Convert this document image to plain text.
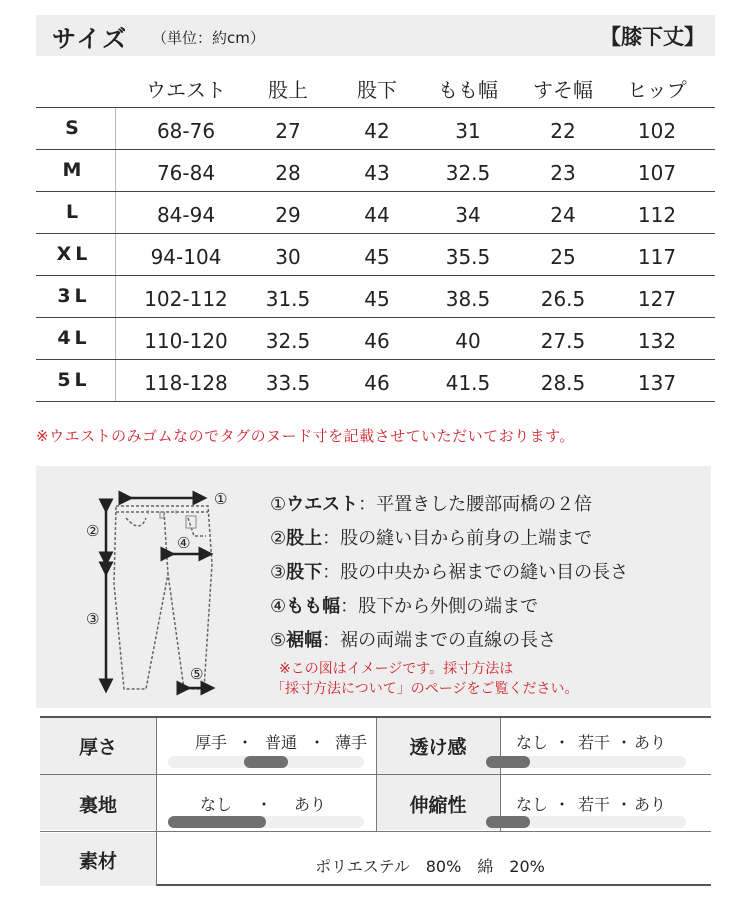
サイズ （単位：約cm）	【膝下丈】
ウエスト 股上 股下 もも幅 すそ幅 ヒップ
S	68-76	27	42	31	22	102
M	76-84	28	43	32.5	23	107
L	84-94	29	44	34	24	112
XL	94-104	30	45	35.5	25	117
3L	102-112 31.5	45	38.5	26.5	127
4L	110-120 32.5	46	40	27.5	132
5L	118-128 33.5	46	41.5	28.5	137
※ウエストのみゴムなのでタグのヌード寸を記載させていただいております。
①
②
③
④
⑤
①ウエスト：平置きした腰部両橋の２倍
②股上：股の縫い目から前身の上端まで
③股下：股の中央から裾までの縫い目の長さ
④もも幅：股下から外側の端まで
⑤裾幅：裾の両端までの直線の長さ
※この図はイメージです。採寸方法は
「採寸方法について」のページをご覧ください。
厚さ	厚手 ・ 普通 ・ 薄手 透け感	なし ・ 若干 ・ あり
裏地	なし ・ あり	伸縮性	なし ・ 若干 ・ あり
素材	ポリエステル　80%　綿　20%
